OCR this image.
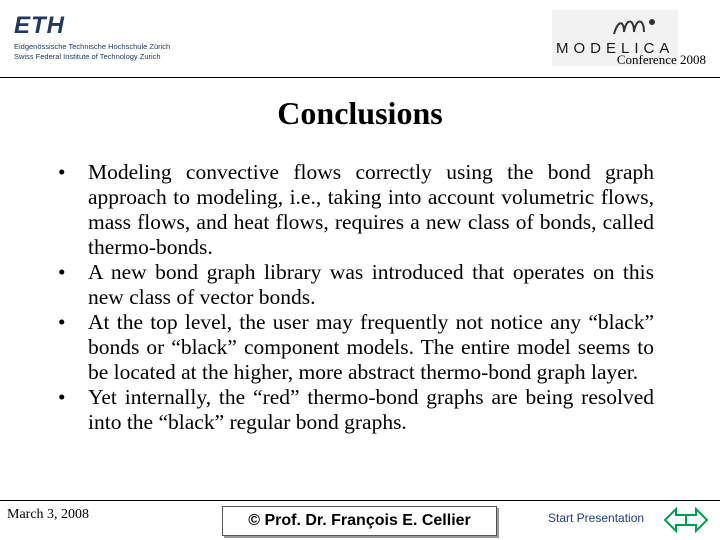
ETH
Eidgenössische Technische Hochschule Zürich
Swiss Federal Institute of Technology Zurich	MODELICA
Conference 2008
Conclusions
• Modeling convective flows correctly using the bond graph approach to modeling, i.e., taking into account volumetric flows, mass flows, and heat flows, requires a new class of bonds, called thermo-bonds.
• A new bond graph library was introduced that operates on this new class of vector bonds.
• At the top level, the user may frequently not notice any “black” bonds or “black” component models. The entire model seems to be located at the higher, more abstract thermo-bond graph layer.
• Yet internally, the “red” thermo-bond graphs are being resolved into the “black” regular bond graphs.
March 3, 2008	© Prof. Dr. François E. Cellier	Start Presentation
